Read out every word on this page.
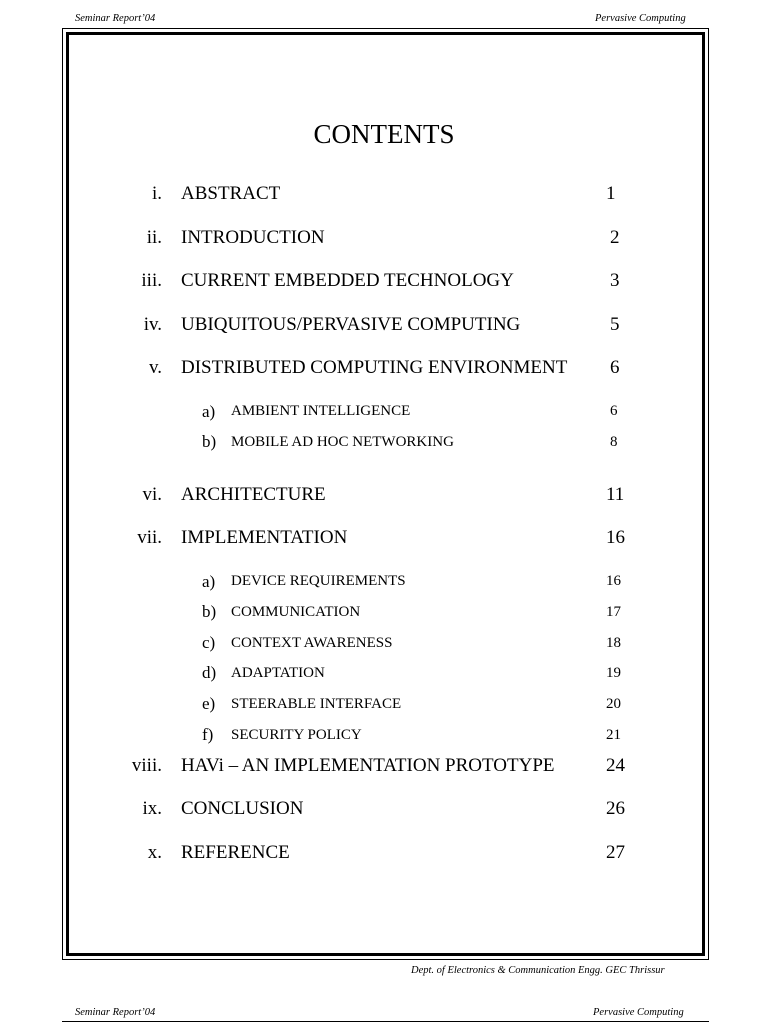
Seminar Report’04	Pervasive Computing
CONTENTS
i. ABSTRACT	1
ii. INTRODUCTION	2
iii. CURRENT EMBEDDED TECHNOLOGY	3
iv. UBIQUITOUS/PERVASIVE COMPUTING	5
v. DISTRIBUTED COMPUTING ENVIRONMENT 6
a) AMBIENT INTELLIGENCE	6
b) MOBILE AD HOC NETWORKING	8
vi. ARCHITECTURE	11
vii. IMPLEMENTATION	16
a) DEVICE REQUIREMENTS	16
b) COMMUNICATION	17
c) CONTEXT AWARENESS	18
d) ADAPTATION	19
e) STEERABLE INTERFACE	20
f) SECURITY POLICY	21
viii. HAVi – AN IMPLEMENTATION PROTOTYPE	24
ix. CONCLUSION	26
x. REFERENCE	27
Dept. of Electronics & Communication Engg. GEC Thrissur
Seminar Report’04	Pervasive Computing
